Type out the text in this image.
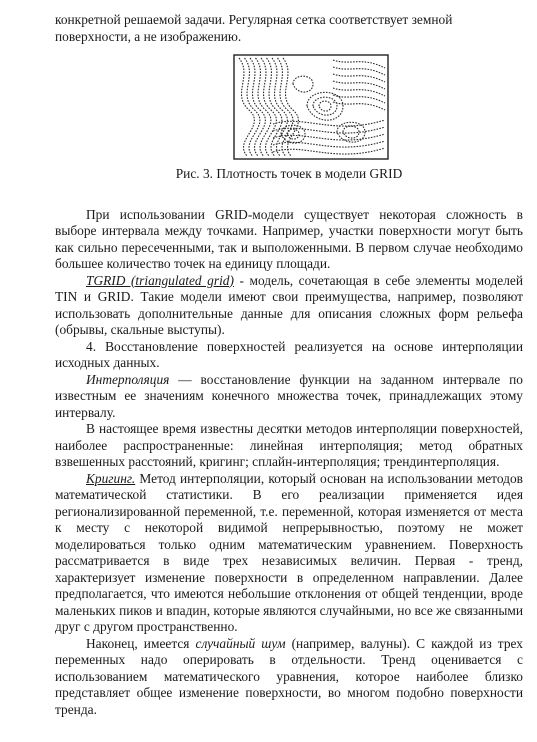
конкретной решаемой задачи. Регулярная сетка соответствует земной

поверхности, а не изображению.

Рис. 3. Плотность точек в модели GRID

При использовании GRID-модели существует некоторая сложность в выборе интервала между точками. Например, участки поверхности могут быть как сильно пересеченными, так и выположенными. В первом случае необходимо большее количество точек на единицу площади.

TGRID (triangulated grid) - модель, сочетающая в себе элементы моделей TIN и GRID. Такие модели имеют свои преимущества, например, позволяют использовать дополнительные данные для описания сложных форм рельефа (обрывы, скальные выступы).

4. Восстановление поверхностей реализуется на основе интерполяции исходных данных.

Интерполяция — восстановление функции на заданном интервале по известным ее значениям конечного множества точек, принадлежащих этому интервалу.

В настоящее время известны десятки методов интерполяции поверхностей, наиболее распространенные: линейная интерполяция; метод обратных взвешенных расстояний, кригинг; сплайн-интерполяция; трендинтерполяция.

Кригинг. Метод интерполяции, который основан на использовании методов математической статистики. В его реализации применяется идея регионализированной переменной, т.е. переменной, которая изменяется от места к месту с некоторой видимой непрерывностью, поэтому не может моделироваться только одним математическим уравнением. Поверхность рассматривается в виде трех независимых величин. Первая - тренд, характеризует изменение поверхности в определенном направлении. Далее предполагается, что имеются небольшие отклонения от общей тенденции, вроде маленьких пиков и впадин, которые являются случайными, но все же связанными друг с другом пространственно.

Наконец, имеется случайный шум (например, валуны). С каждой из трех переменных надо оперировать в отдельности. Тренд оценивается с использованием математического уравнения, которое наиболее близко представляет общее изменение поверхности, во многом подобно поверхности тренда.
